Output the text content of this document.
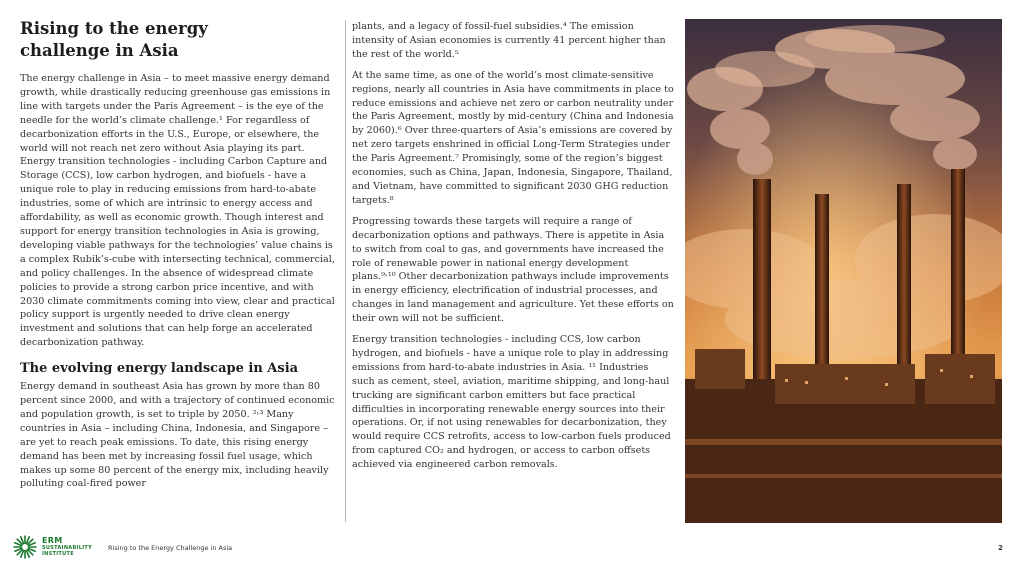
Rising to the energy
challenge in Asia

The energy challenge in Asia – to meet massive energy demand growth, while drastically reducing greenhouse gas emissions in line with targets under the Paris Agreement – is the eye of the needle for the world’s climate challenge.¹ For regardless of decarbonization efforts in the U.S., Europe, or elsewhere, the world will not reach net zero without Asia playing its part. Energy transition technologies - including Carbon Capture and Storage (CCS), low carbon hydrogen, and biofuels - have a unique role to play in reducing emissions from hard-to-abate industries, some of which are intrinsic to energy access and affordability, as well as economic growth. Though interest and support for energy transition technologies in Asia is growing, developing viable pathways for the technologies’ value chains is a complex Rubik’s-cube with intersecting technical, commercial, and policy challenges. In the absence of widespread climate policies to provide a strong carbon price incentive, and with 2030 climate commitments coming into view, clear and practical policy support is urgently needed to drive clean energy investment and solutions that can help forge an accelerated decarbonization pathway.

The evolving energy landscape in Asia

Energy demand in southeast Asia has grown by more than 80 percent since 2000, and with a trajectory of continued economic and population growth, is set to triple by 2050. ²˒³ Many countries in Asia – including China, Indonesia, and Singapore – are yet to reach peak emissions. To date, this rising energy demand has been met by increasing fossil fuel usage, which makes up some 80 percent of the energy mix, including heavily polluting coal-fired power

plants, and a legacy of fossil-fuel subsidies.⁴ The emission intensity of Asian economies is currently 41 percent higher than the rest of the world.⁵

At the same time, as one of the world’s most climate-sensitive regions, nearly all countries in Asia have commitments in place to reduce emissions and achieve net zero or carbon neutrality under the Paris Agreement, mostly by mid-century (China and Indonesia by 2060).⁶ Over three-quarters of Asia’s emissions are covered by net zero targets enshrined in official Long-Term Strategies under the Paris Agreement.⁷ Promisingly, some of the region’s biggest economies, such as China, Japan, Indonesia, Singapore, Thailand, and Vietnam, have committed to significant 2030 GHG reduction targets.⁸

Progressing towards these targets will require a range of decarbonization options and pathways. There is appetite in Asia to switch from coal to gas, and governments have increased the role of renewable power in national energy development plans.⁹˒¹⁰ Other decarbonization pathways include improvements in energy efficiency, electrification of industrial processes, and changes in land management and agriculture. Yet these efforts on their own will not be sufficient.

Energy transition technologies - including CCS, low carbon hydrogen, and biofuels - have a unique role to play in addressing emissions from hard-to-abate industries in Asia. ¹¹ Industries such as cement, steel, aviation, maritime shipping, and long-haul trucking are significant carbon emitters but face practical difficulties in incorporating renewable energy sources into their operations. Or, if not using renewables for decarbonization, they would require CCS retrofits, access to low-carbon fuels produced from captured CO₂ and hydrogen, or access to carbon offsets achieved via engineered carbon removals.

ERM
SUSTAINABILITY
INSTITUTE
Rising to the Energy Challenge in Asia	2
